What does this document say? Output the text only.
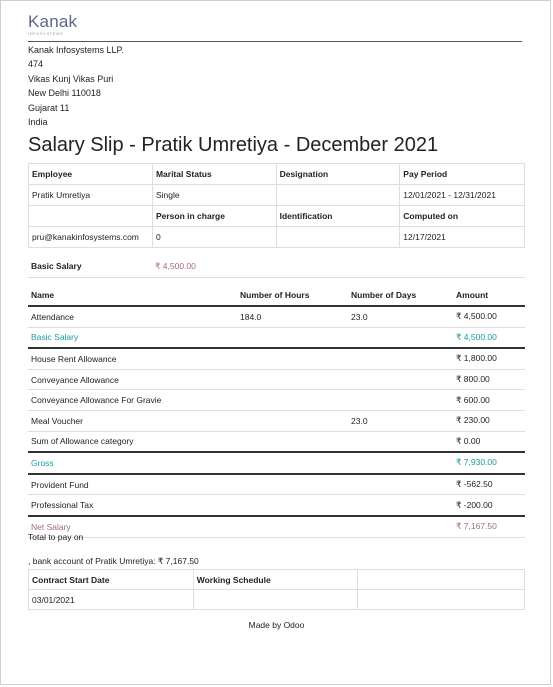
Kanak
INFOSYSTEMS
Kanak Infosystems LLP.
474
Vikas Kunj Vikas Puri
New Delhi 110018
Gujarat 11
India
Salary Slip - Pratik Umretiya - December 2021
Employee	Marital Status	Designation	Pay Period
Pratik Umretiya	Single		12/01/2021 - 12/31/2021
	Person in charge	Identification	Computed on
pru@kanakinfosystems.com	0		12/17/2021
Basic Salary	₹ 4,500.00
Name	Number of Hours	Number of Days	Amount
Attendance	184.0	23.0	₹ 4,500.00
Basic Salary			₹ 4,500.00
House Rent Allowance			₹ 1,800.00
Conveyance Allowance			₹ 800.00
Conveyance Allowance For Gravie			₹ 600.00
Meal Voucher		23.0	₹ 230.00
Sum of Allowance category			₹ 0.00
Gross			₹ 7,930.00
Provident Fund			₹ -562.50
Professional Tax			₹ -200.00
Net Salary			₹ 7,167.50
Total to pay on
, bank account of Pratik Umretiya: ₹ 7,167.50
Contract Start Date	Working Schedule	
03/01/2021		
Made by Odoo
